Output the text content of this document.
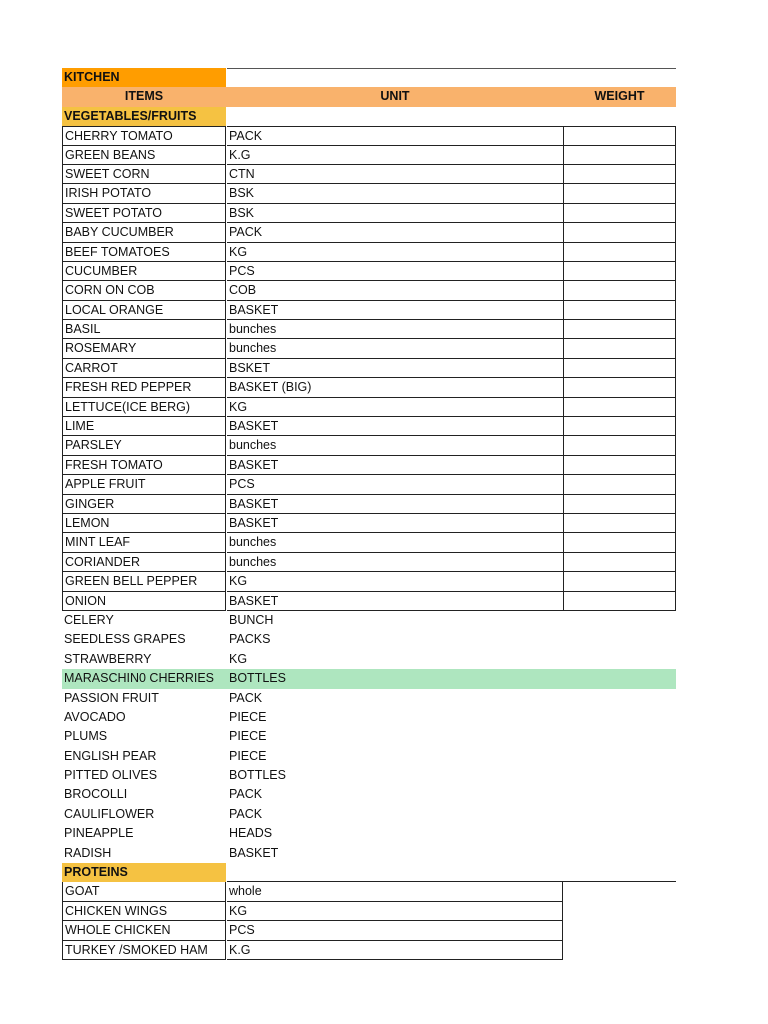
KITCHEN
ITEMS	UNIT	WEIGHT
VEGETABLES/FRUITS
CHERRY TOMATO	PACK
GREEN BEANS	K.G
SWEET CORN	CTN
IRISH POTATO	BSK
SWEET POTATO	BSK
BABY CUCUMBER	PACK
BEEF TOMATOES	KG
CUCUMBER	PCS
CORN ON COB	COB
LOCAL ORANGE	BASKET
BASIL	bunches
ROSEMARY	bunches
CARROT	BSKET
FRESH RED PEPPER	BASKET (BIG)
LETTUCE(ICE BERG)	KG
LIME	BASKET
PARSLEY	bunches
FRESH TOMATO	BASKET
APPLE FRUIT	PCS
GINGER	BASKET
LEMON	BASKET
MINT LEAF	bunches
CORIANDER	bunches
GREEN BELL PEPPER	KG
ONION	BASKET
CELERY	BUNCH
SEEDLESS GRAPES	PACKS
STRAWBERRY	KG
MARASCHIN0 CHERRIES	BOTTLES
PASSION FRUIT	PACK
AVOCADO	PIECE
PLUMS	PIECE
ENGLISH PEAR	PIECE
PITTED OLIVES	BOTTLES
BROCOLLI	PACK
CAULIFLOWER	PACK
PINEAPPLE	HEADS
RADISH	BASKET
PROTEINS
GOAT	whole
CHICKEN WINGS	KG
WHOLE CHICKEN	PCS
TURKEY /SMOKED HAM	K.G
